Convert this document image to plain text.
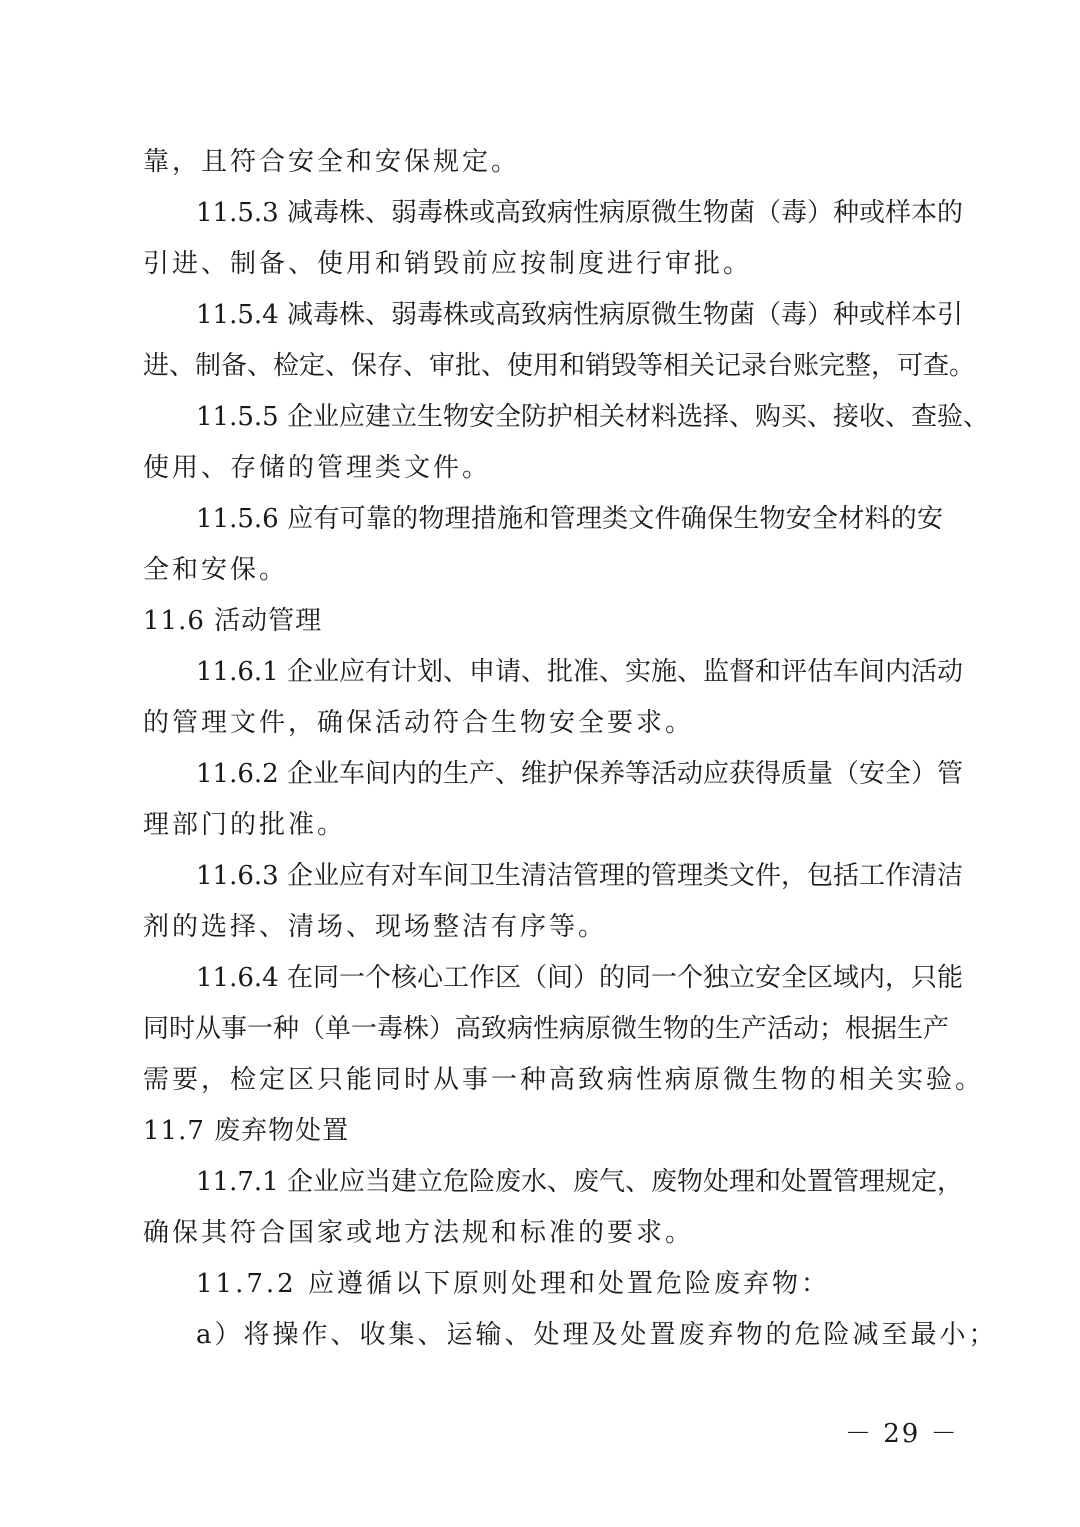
靠，且符合安全和安保规定。
11.5.3 减毒株、弱毒株或高致病性病原微生物菌（毒）种或样本的
引进、制备、使用和销毁前应按制度进行审批。
11.5.4 减毒株、弱毒株或高致病性病原微生物菌（毒）种或样本引
进、制备、检定、保存、审批、使用和销毁等相关记录台账完整，可查。
11.5.5 企业应建立生物安全防护相关材料选择、购买、接收、查验、
使用、存储的管理类文件。
11.5.6 应有可靠的物理措施和管理类文件确保生物安全材料的安
全和安保。
11.6 活动管理
11.6.1 企业应有计划、申请、批准、实施、监督和评估车间内活动
的管理文件，确保活动符合生物安全要求。
11.6.2 企业车间内的生产、维护保养等活动应获得质量（安全）管
理部门的批准。
11.6.3 企业应有对车间卫生清洁管理的管理类文件，包括工作清洁
剂的选择、清场、现场整洁有序等。
11.6.4 在同一个核心工作区（间）的同一个独立安全区域内，只能
同时从事一种（单一毒株）高致病性病原微生物的生产活动；根据生产
需要，检定区只能同时从事一种高致病性病原微生物的相关实验。
11.7 废弃物处置
11.7.1 企业应当建立危险废水、废气、废物处理和处置管理规定，
确保其符合国家或地方法规和标准的要求。
11.7.2 应遵循以下原则处理和处置危险废弃物：
a）将操作、收集、运输、处理及处置废弃物的危险减至最小；
－ 29 －
